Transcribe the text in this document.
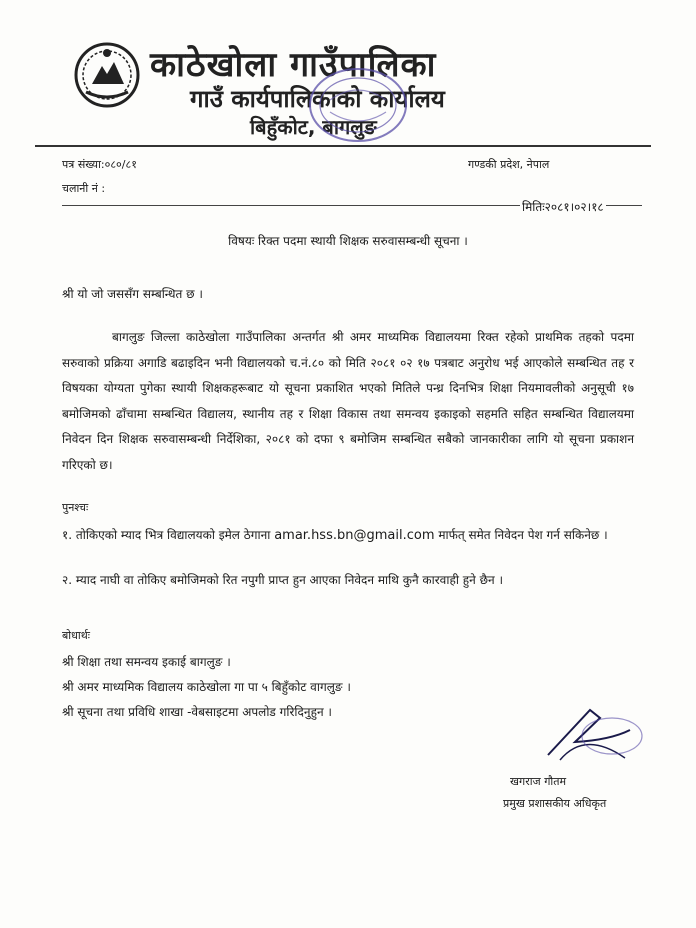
काठेखोला गाउँपालिका
गाउँ कार्यपालिकाको कार्यालय
बिहुँकोट, बागलुङ
पत्र संख्या:०८०/८१	गण्डकी प्रदेश, नेपाल
चलानी नं :
मितिः२०८१।०२।१८
विषयः रिक्त पदमा स्थायी शिक्षक सरुवासम्बन्धी सूचना ।
श्री यो जो जससँग सम्बन्धित छ ।

बागलुङ जिल्ला काठेखोला गाउँपालिका अन्तर्गत श्री अमर माध्यमिक विद्यालयमा रिक्त रहेको प्राथमिक तहको पदमा सरुवाको प्रक्रिया अगाडि बढाइदिन भनी विद्यालयको च.नं.८० को मिति २०८१ ०२ १७ पत्रबाट अनुरोध भई आएकोले सम्बन्धित तह र विषयका योग्यता पुगेका स्थायी शिक्षकहरूबाट यो सूचना प्रकाशित भएको मितिले पन्ध्र दिनभित्र शिक्षा नियमावलीको अनुसूची १७ बमोजिमको ढाँचामा सम्बन्धित विद्यालय, स्थानीय तह र शिक्षा विकास तथा समन्वय इकाइको सहमति सहित सम्बन्धित विद्यालयमा निवेदन दिन शिक्षक सरुवासम्बन्धी निर्देशिका, २०८१ को दफा ९ बमोजिम सम्बन्धित सबैको जानकारीका लागि यो सूचना प्रकाशन गरिएको छ।

पुनश्चः

१. तोकिएको म्याद भित्र विद्यालयको इमेल ठेगाना amar.hss.bn@gmail.com मार्फत् समेत निवेदन पेश गर्न सकिनेछ ।

२. म्याद नाघी वा तोकिए बमोजिमको रित नपुगी प्राप्त हुन आएका निवेदन माथि कुनै कारवाही हुने छैन ।

बोधार्थः
श्री शिक्षा तथा समन्वय इकाई बागलुङ ।
श्री अमर माध्यमिक विद्यालय काठेखोला गा पा ५ बिहुँकोट वागलुङ ।
श्री सूचना तथा प्रविधि शाखा -वेबसाइटमा अपलोड गरिदिनुहुन ।
खगराज गौतम
प्रमुख प्रशासकीय अधिकृत
